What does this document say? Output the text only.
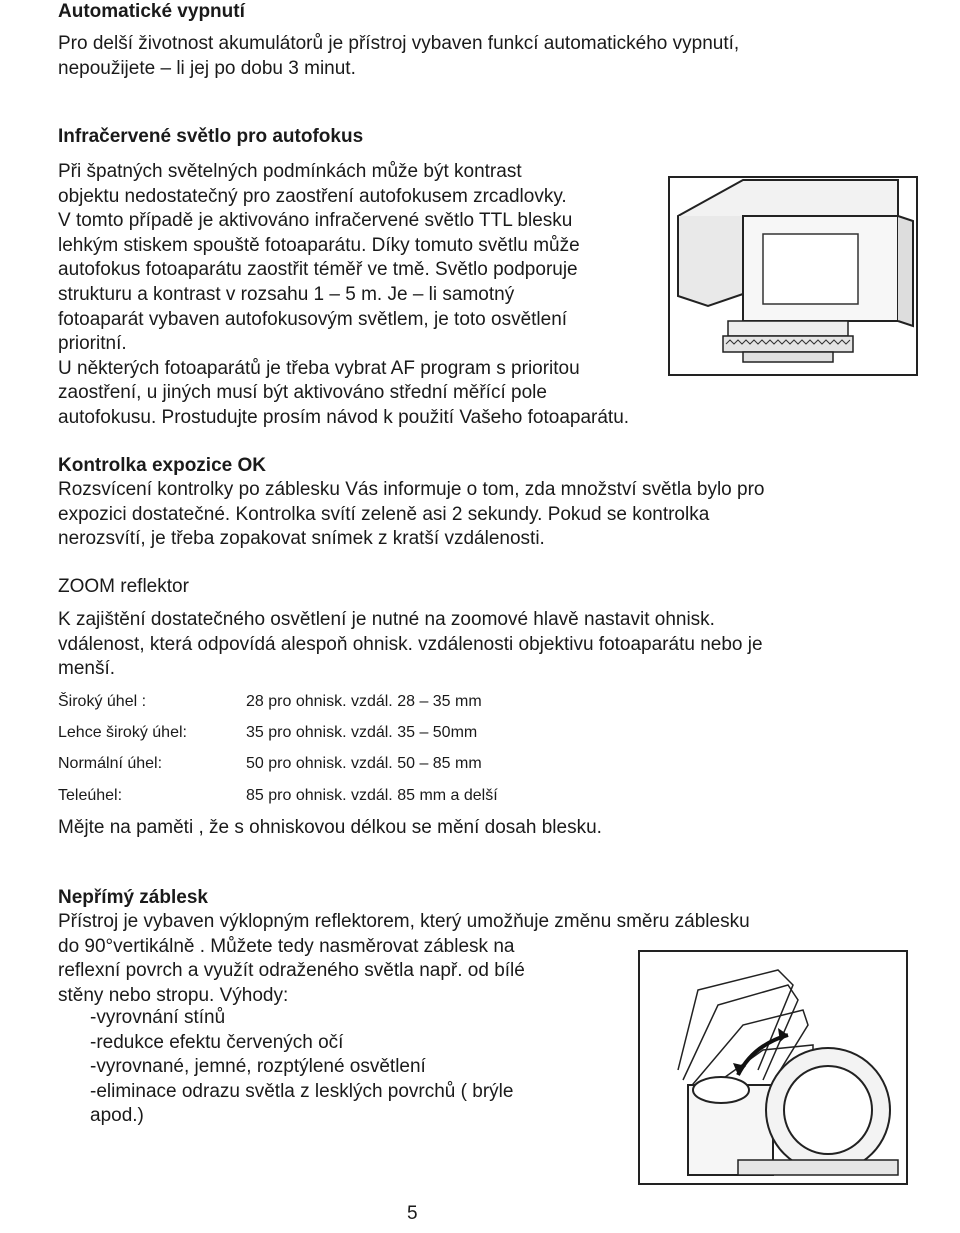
Automatické vypnutí

Pro delší životnost akumulátorů je přístroj vybaven funkcí automatického vypnutí,
nepoužijete – li jej po dobu 3 minut.

Infračervené světlo pro autofokus

Při špatných světelných podmínkách může být kontrast
objektu nedostatečný pro zaostření autofokusem zrcadlovky.
V tomto případě je aktivováno infračervené světlo TTL blesku
lehkým stiskem spouště fotoaparátu. Díky tomuto světlu může
autofokus fotoaparátu zaostřit téměř ve tmě. Světlo podporuje
strukturu a kontrast v rozsahu 1 – 5 m. Je – li samotný
fotoaparát vybaven autofokusovým světlem, je toto osvětlení
prioritní.
U některých fotoaparátů je třeba vybrat AF program s prioritou
zaostření, u jiných musí být aktivováno střední měřící pole
autofokusu. Prostudujte prosím návod k použití Vašeho fotoaparátu.

Kontrolka expozice OK

Rozsvícení kontrolky po záblesku Vás informuje o tom, zda množství světla bylo pro
expozici dostatečné. Kontrolka svítí zeleně asi 2 sekundy. Pokud se kontrolka
nerozsvítí, je třeba zopakovat snímek z kratší vzdálenosti.

ZOOM reflektor

K zajištění dostatečného osvětlení je nutné na zoomové hlavě nastavit ohnisk.
vdálenost, která odpovídá alespoň ohnisk. vzdálenosti objektivu fotoaparátu nebo je
menší.

Široký úhel :	28 pro ohnisk. vzdál. 28 – 35 mm
Lehce široký úhel:	35 pro ohnisk. vzdál. 35 – 50mm
Normální úhel:	50 pro ohnisk. vzdál. 50 – 85 mm
Teleúhel:	85 pro ohnisk. vzdál. 85 mm a delší

Mějte na paměti , že s ohniskovou délkou se mění dosah blesku.

Nepřímý záblesk

Přístroj je vybaven výklopným reflektorem, který umožňuje změnu směru záblesku
do 90°vertikálně . Můžete tedy nasměrovat záblesk na
reflexní povrch a využít odraženého světla např. od bílé
stěny nebo stropu. Výhody:

-vyrovnání stínů
-redukce efektu červených očí
-vyrovnané, jemné, rozptýlené osvětlení
-eliminace odrazu světla z lesklých povrchů ( brýle
apod.)
5
